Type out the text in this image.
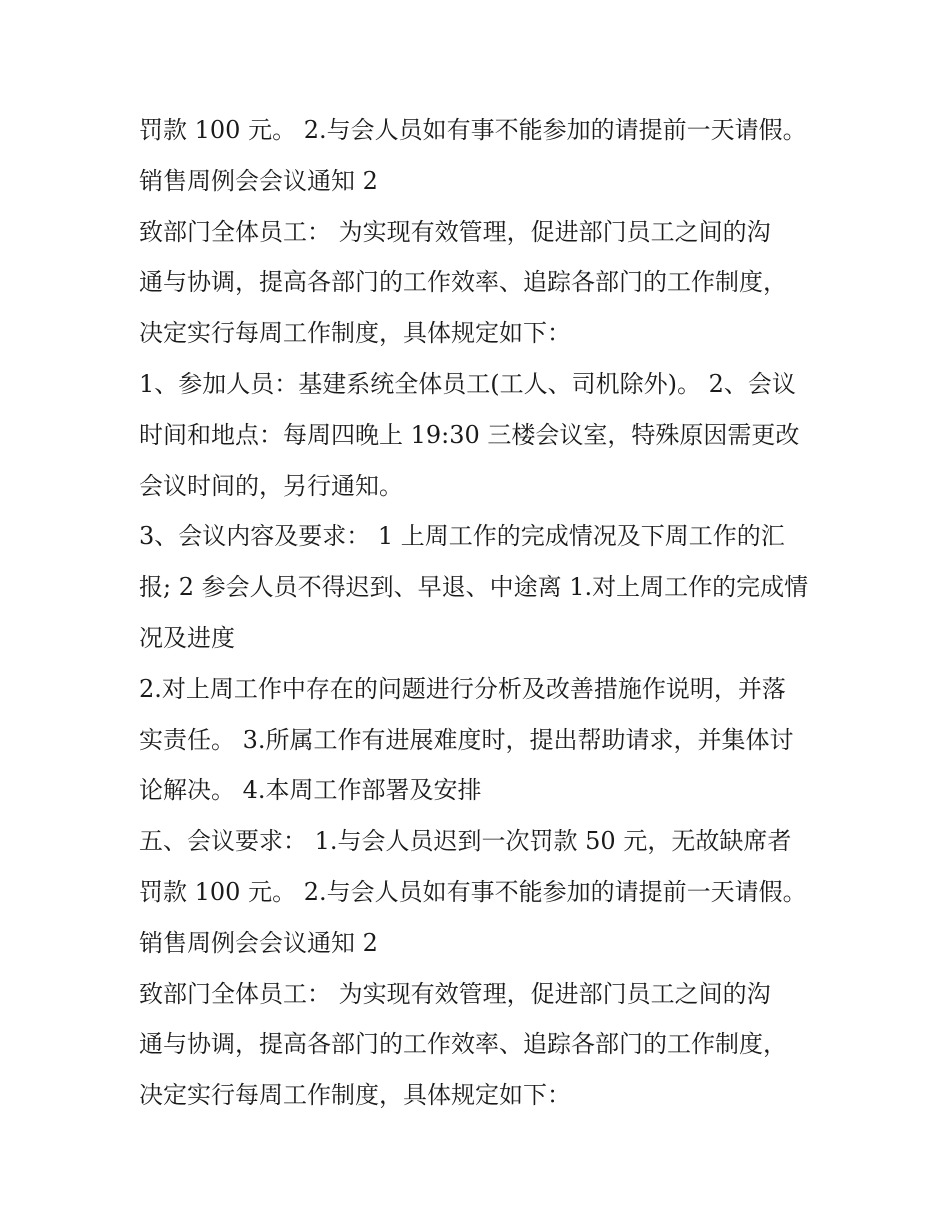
罚款 100 元。 2.与会人员如有事不能参加的请提前一天请假。
销售周例会会议通知 2
致部门全体员工： 为实现有效管理，促进部门员工之间的沟
通与协调，提高各部门的工作效率、追踪各部门的工作制度，
决定实行每周工作制度，具体规定如下：
1、参加人员：基建系统全体员工(工人、司机除外)。 2、会议
时间和地点：每周四晚上 19:30 三楼会议室，特殊原因需更改
会议时间的，另行通知。
3、会议内容及要求： 1 上周工作的完成情况及下周工作的汇
报; 2 参会人员不得迟到、早退、中途离 1.对上周工作的完成情
况及进度
2.对上周工作中存在的问题进行分析及改善措施作说明，并落
实责任。 3.所属工作有进展难度时，提出帮助请求，并集体讨
论解决。 4.本周工作部署及安排
五、会议要求： 1.与会人员迟到一次罚款 50 元，无故缺席者
罚款 100 元。 2.与会人员如有事不能参加的请提前一天请假。
销售周例会会议通知 2
致部门全体员工： 为实现有效管理，促进部门员工之间的沟
通与协调，提高各部门的工作效率、追踪各部门的工作制度，
决定实行每周工作制度，具体规定如下：
